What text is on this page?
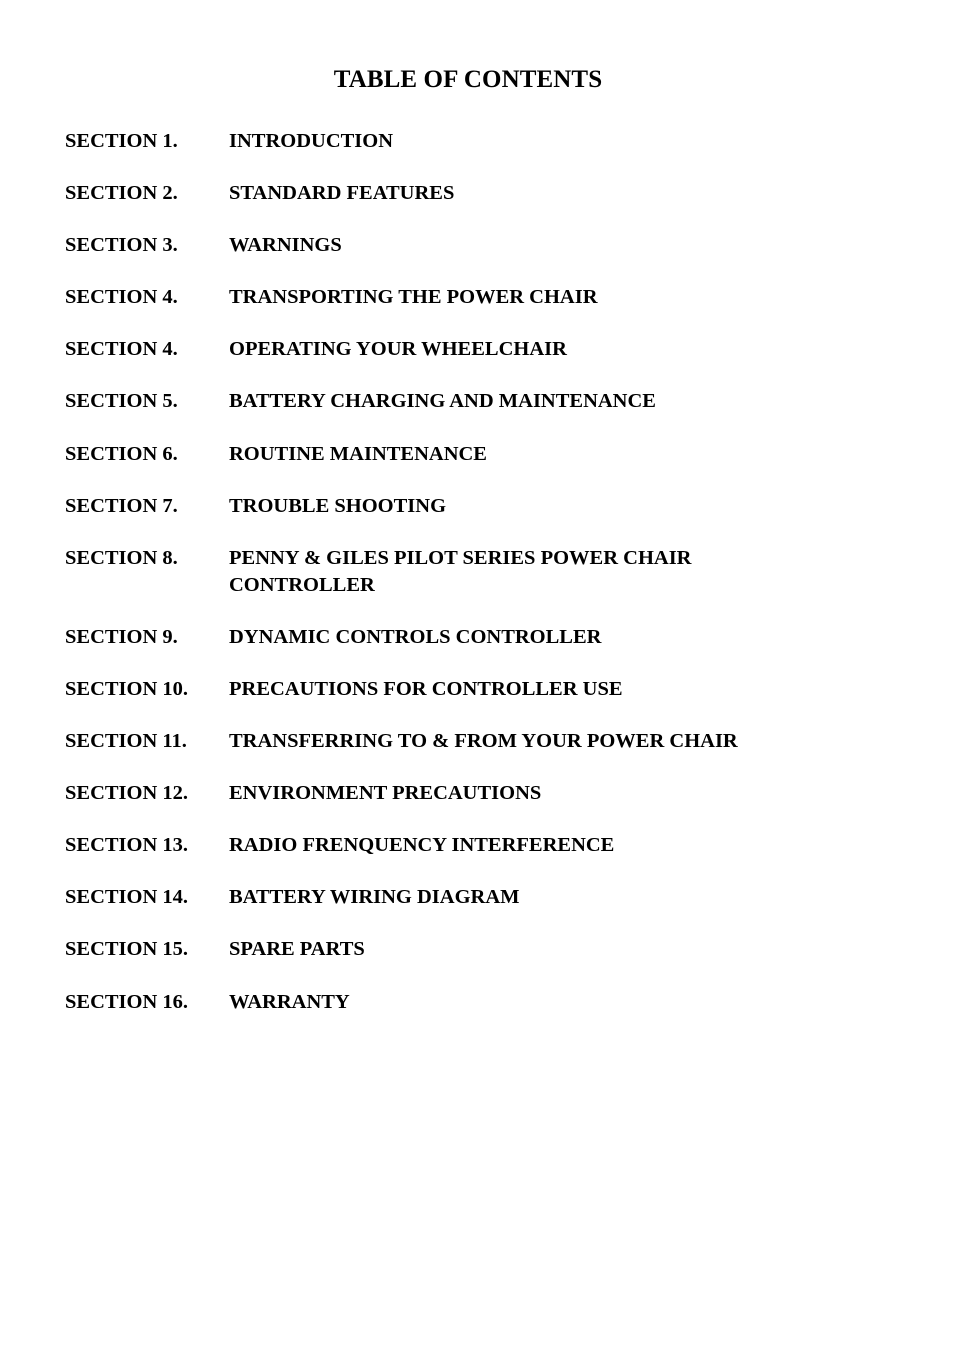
TABLE OF CONTENTS
SECTION 1.	INTRODUCTION
SECTION 2.	STANDARD FEATURES
SECTION 3.	WARNINGS
SECTION 4.	TRANSPORTING THE POWER CHAIR
SECTION 4.	OPERATING YOUR WHEELCHAIR
SECTION 5.	BATTERY CHARGING AND MAINTENANCE
SECTION 6.	ROUTINE MAINTENANCE
SECTION 7.	TROUBLE SHOOTING
SECTION 8.	PENNY & GILES PILOT SERIES POWER CHAIR CONTROLLER
SECTION 9.	DYNAMIC CONTROLS CONTROLLER
SECTION 10.	PRECAUTIONS FOR CONTROLLER USE
SECTION 11.	TRANSFERRING TO & FROM YOUR POWER CHAIR
SECTION 12.	ENVIRONMENT PRECAUTIONS
SECTION 13.	RADIO FRENQUENCY INTERFERENCE
SECTION 14.	BATTERY WIRING DIAGRAM
SECTION 15.	SPARE PARTS
SECTION 16.	WARRANTY
